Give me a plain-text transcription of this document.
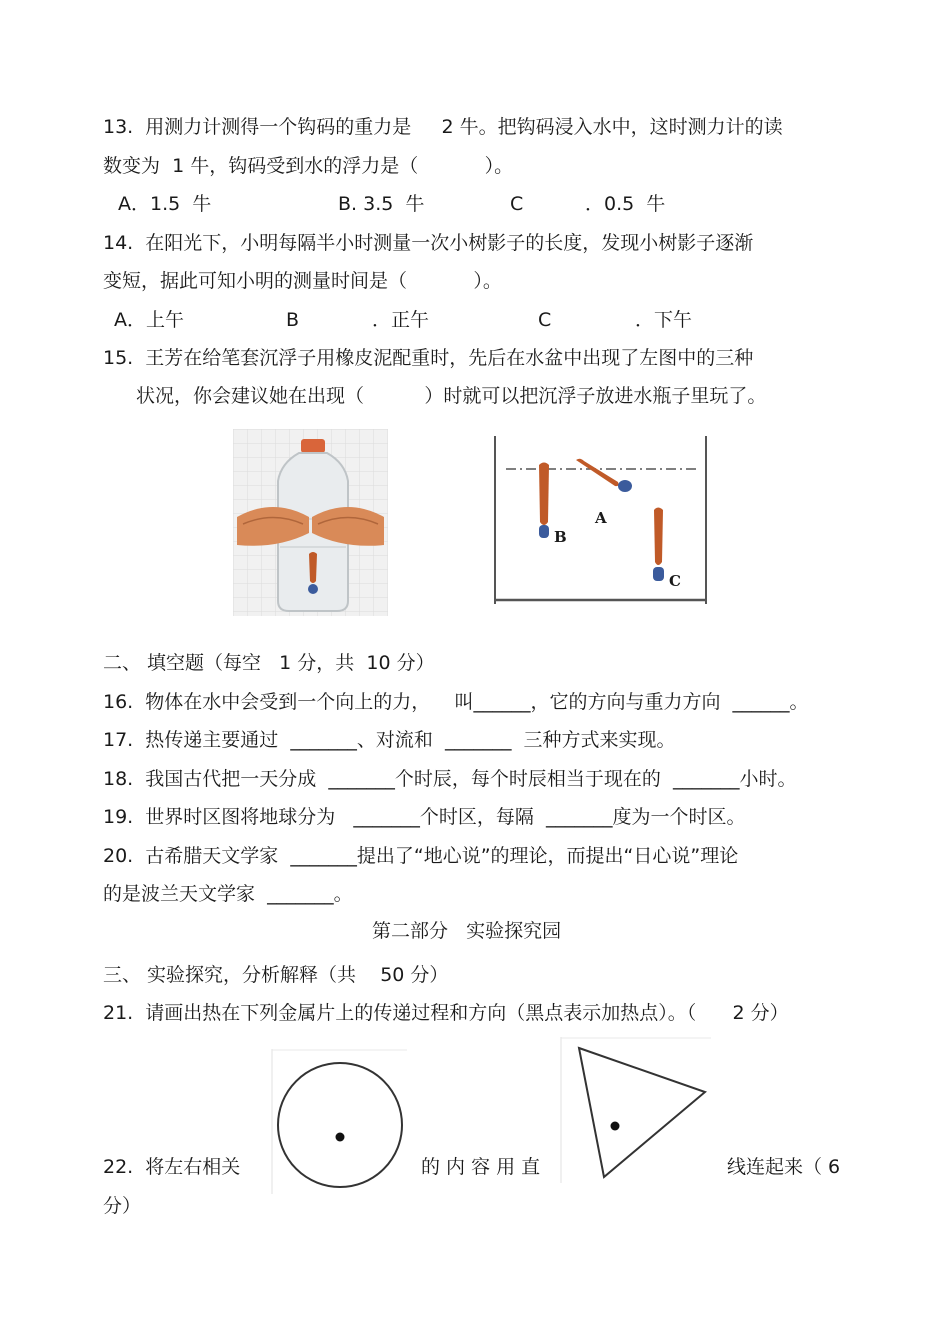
13.  用测力计测得一个钩码的重力是     2 牛。把钩码浸入水中，这时测力计的读
数变为  1 牛，钩码受到水的浮力是（           ）。
A．1.5  牛	B. 3.5  牛	C	．0.5  牛
14.  在阳光下，小明每隔半小时测量一次小树影子的长度，发现小树影子逐渐
变短，据此可知小明的测量时间是（           ）。
A．上午	B	．正午	C	．下午
15.  王芳在给笔套沉浮子用橡皮泥配重时，先后在水盆中出现了左图中的三种
状况，你会建议她在出现（          ）时就可以把沉浮子放进水瓶子里玩了。
B
A
C
二、 填空题（每空   1 分，共  10 分）
16.  物体在水中会受到一个向上的力，    叫______，它的方向与重力方向  ______。
17.  热传递主要通过  _______、对流和  _______  三种方式来实现。
18.  我国古代把一天分成  _______个时辰，每个时辰相当于现在的  _______小时。
19.  世界时区图将地球分为   _______个时区，每隔  _______度为一个时区。
20.  古希腊天文学家  _______提出了“地心说”的理论，而提出“日心说”理论
的是波兰天文学家  _______。
第二部分   实验探究园
三、 实验探究，分析解释（共    50 分）
21.  请画出热在下列金属片上的传递过程和方向（黑点表示加热点）。（      2 分）
22.  将左右相关	的 内 容 用 直	线连起来（ 6
分）
